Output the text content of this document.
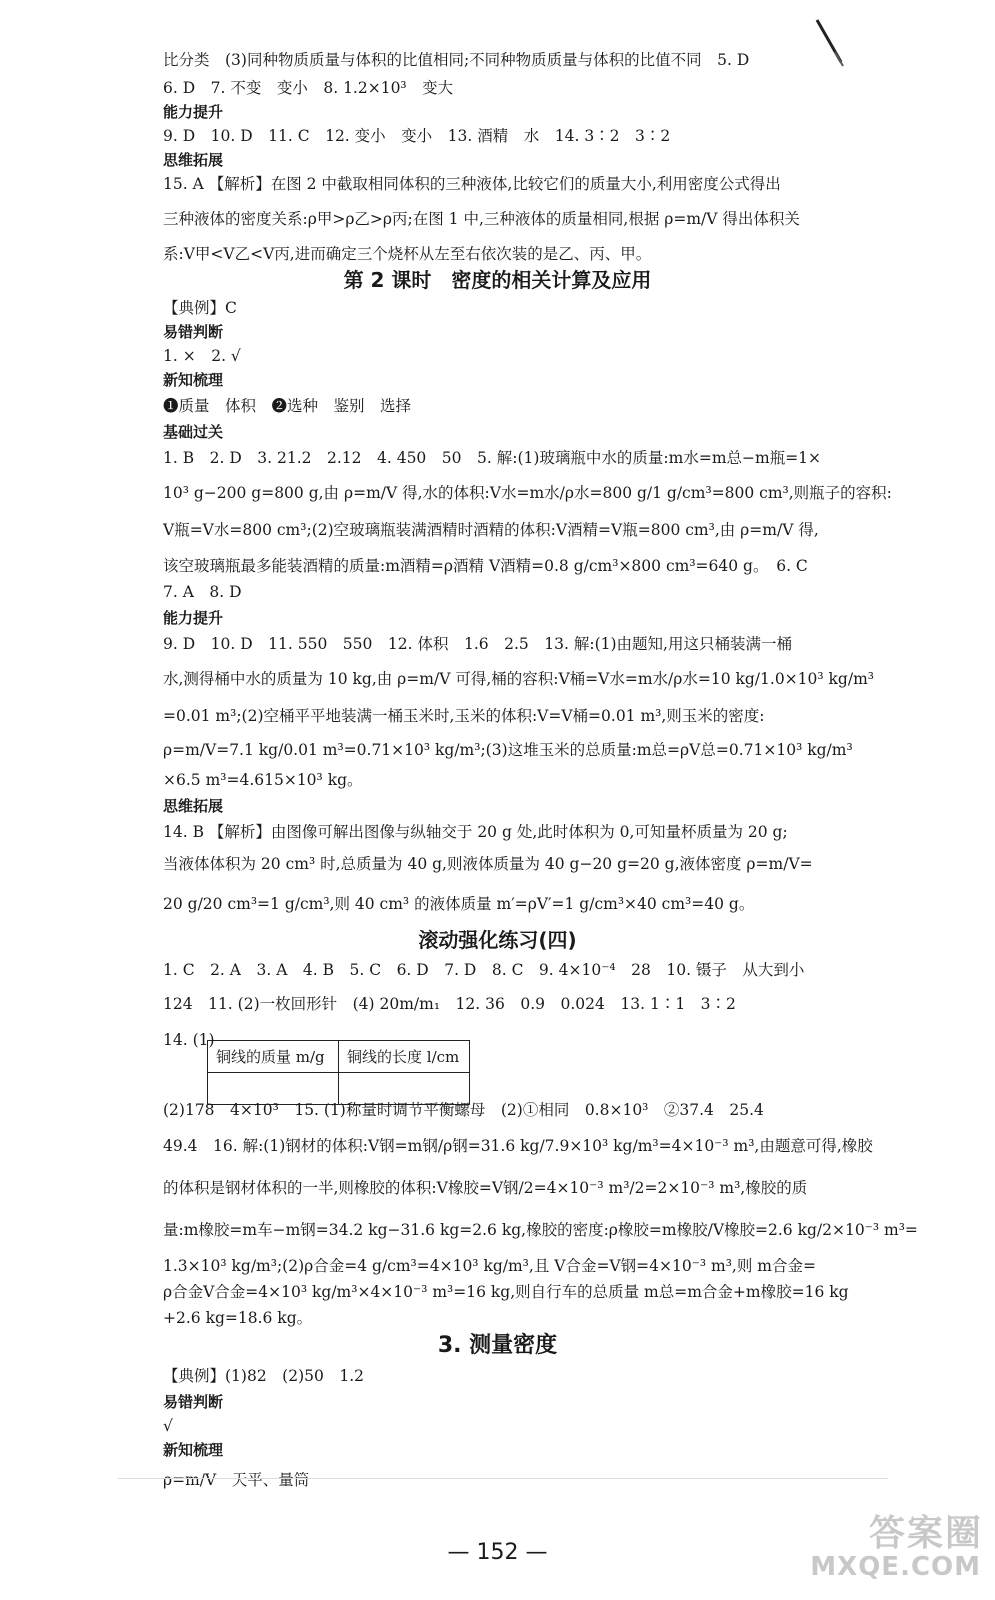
比分类　(3)同种物质质量与体积的比值相同;不同种物质质量与体积的比值不同　5. D
6. D　7. 不变　变小　8. 1.2×10³　变大
能力提升
9. D　10. D　11. C　12. 变小　变小　13. 酒精　水　14. 3∶2　3∶2
思维拓展
15. A 【解析】在图 2 中截取相同体积的三种液体,比较它们的质量大小,利用密度公式得出
三种液体的密度关系:ρ甲>ρ乙>ρ丙;在图 1 中,三种液体的质量相同,根据 ρ=m/V 得出体积关
系:V甲<V乙<V丙,进而确定三个烧杯从左至右依次装的是乙、丙、甲。
第 2 课时　密度的相关计算及应用
【典例】C
易错判断
1. ×　2. √
新知梳理
❶质量　体积　❷选种　鉴别　选择
基础过关
1. B　2. D　3. 21.2　2.12　4. 450　50　5. 解:(1)玻璃瓶中水的质量:m水=m总−m瓶=1×
10³ g−200 g=800 g,由 ρ=m/V 得,水的体积:V水=m水/ρ水=800 g/1 g/cm³=800 cm³,则瓶子的容积:
V瓶=V水=800 cm³;(2)空玻璃瓶装满酒精时酒精的体积:V酒精=V瓶=800 cm³,由 ρ=m/V 得,
该空玻璃瓶最多能装酒精的质量:m酒精=ρ酒精 V酒精=0.8 g/cm³×800 cm³=640 g。　6. C
7. A　8. D
能力提升
9. D　10. D　11. 550　550　12. 体积　1.6　2.5　13. 解:(1)由题知,用这只桶装满一桶
水,测得桶中水的质量为 10 kg,由 ρ=m/V 可得,桶的容积:V桶=V水=m水/ρ水=10 kg/1.0×10³ kg/m³
=0.01 m³;(2)空桶平平地装满一桶玉米时,玉米的体积:V=V桶=0.01 m³,则玉米的密度:
ρ=m/V=7.1 kg/0.01 m³=0.71×10³ kg/m³;(3)这堆玉米的总质量:m总=ρV总=0.71×10³ kg/m³
×6.5 m³=4.615×10³ kg。
思维拓展
14. B 【解析】由图像可解出图像与纵轴交于 20 g 处,此时体积为 0,可知量杯质量为 20 g;
当液体体积为 20 cm³ 时,总质量为 40 g,则液体质量为 40 g−20 g=20 g,液体密度 ρ=m/V=
20 g/20 cm³=1 g/cm³,则 40 cm³ 的液体质量 m′=ρV′=1 g/cm³×40 cm³=40 g。
滚动强化练习(四)
1. C　2. A　3. A　4. B　5. C　6. D　7. D　8. C　9. 4×10⁻⁴　28　10. 镊子　从大到小
124　11. (2)一枚回形针　(4) 20m/m₁　12. 36　0.9　0.024　13. 1∶1　3∶2
14. (1)
铜线的质量 m/g	铜线的长度 l/cm

(2)178　4×10³　15. (1)称量时调节平衡螺母　(2)①相同　0.8×10³　②37.4　25.4
49.4　16. 解:(1)钢材的体积:V钢=m钢/ρ钢=31.6 kg/7.9×10³ kg/m³=4×10⁻³ m³,由题意可得,橡胶
的体积是钢材体积的一半,则橡胶的体积:V橡胶=V钢/2=4×10⁻³ m³/2=2×10⁻³ m³,橡胶的质
量:m橡胶=m车−m钢=34.2 kg−31.6 kg=2.6 kg,橡胶的密度:ρ橡胶=m橡胶/V橡胶=2.6 kg/2×10⁻³ m³=
1.3×10³ kg/m³;(2)ρ合金=4 g/cm³=4×10³ kg/m³,且 V合金=V钢=4×10⁻³ m³,则 m合金=
ρ合金V合金=4×10³ kg/m³×4×10⁻³ m³=16 kg,则自行车的总质量 m总=m合金+m橡胶=16 kg
+2.6 kg=18.6 kg。
3. 测量密度
【典例】(1)82　(2)50　1.2
易错判断
√
新知梳理
ρ=m/V　天平、量筒
— 152 —	答案圈
MXQE.COM
